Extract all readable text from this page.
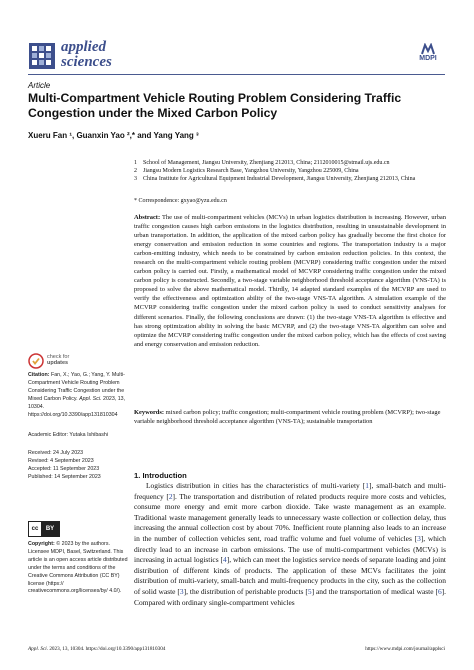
applied
sciences	MDPI
Article
Multi-Compartment Vehicle Routing Problem Considering Traffic Congestion under the Mixed Carbon Policy
Xueru Fan ¹, Guanxin Yao ²,* and Yang Yang ³
1 School of Management, Jiangsu University, Zhenjiang 212013, China; 2112010015@stmail.ujs.edu.cn
2 Jiangsu Modern Logistics Research Base, Yangzhou University, Yangzhou 225009, China
3 China Institute for Agricultural Equipment Industrial Development, Jiangsu University, Zhenjiang 212013, China
* Correspondence: gxyao@yzu.edu.cn
Abstract: The use of multi-compartment vehicles (MCVs) in urban logistics distribution is increasing. However, urban traffic congestion causes high carbon emissions in the logistics distribution, resulting in unsustainable development in urban transportation. In addition, the application of the mixed carbon policy has gradually become the first choice for energy conservation and emission reduction in some countries and regions. The transportation industry is a major carbon-emitting industry, which needs to be constrained by carbon emission reduction policies. In this context, the research on the multi-compartment vehicle routing problem (MCVRP) considering traffic congestion under the mixed carbon policy is carried out. Firstly, a mathematical model of MCVRP considering traffic congestion under the mixed carbon policy is constructed. Secondly, a two-stage variable neighborhood threshold acceptance algorithm (VNS-TA) is proposed to solve the above mathematical model. Thirdly, 14 adapted standard examples of the MCVRP are used to verify the effectiveness and optimization ability of the two-stage VNS-TA algorithm. A simulation example of the MCVRP considering traffic congestion under the mixed carbon policy is used to conduct sensitivity analyses for different scenarios. Finally, the following conclusions are drawn: (1) the two-stage VNS-TA algorithm is effective and has strong optimization ability in solving the basic MCVRP, and (2) the two-stage VNS-TA algorithm can solve and optimize the MCVRP considering traffic congestion under the mixed carbon policy, which has the effects of cost saving and energy conservation and emission reduction.
Keywords: mixed carbon policy; traffic congestion; multi-compartment vehicle routing problem (MCVRP); two-stage variable neighborhood threshold acceptance algorithm (VNS-TA); sustainable transportation
check for
updates
Citation: Fan, X.; Yao, G.; Yang, Y. Multi-Compartment Vehicle Routing Problem Considering Traffic Congestion under the Mixed Carbon Policy. Appl. Sci. 2023, 13, 10304. https://doi.org/10.3390/app131810304
Academic Editor: Yutaka Ishibashi
Received: 24 July 2023
Revised: 4 September 2023
Accepted: 11 September 2023
Published: 14 September 2023
cc	BY
Copyright: © 2023 by the authors. Licensee MDPI, Basel, Switzerland. This article is an open access article distributed under the terms and conditions of the Creative Commons Attribution (CC BY) license (https:// creativecommons.org/licenses/by/ 4.0/).
1. Introduction

Logistics distribution in cities has the characteristics of multi-variety [1], small-batch and multi-frequency [2]. The transportation and distribution of related products require more costs and vehicles, consume more energy and emit more carbon dioxide. Take waste management as an example. Traditional waste management generally leads to unnecessary waste collection or collection delay, thus increasing the annual collection cost by about 70%. Inefficient route planning also leads to an increase in the number of collection vehicles sent, road traffic volume and fuel volume of vehicles [3], which directly lead to an increase in carbon emissions. The use of multi-compartment vehicles (MCVs) is increasing in actual logistics [4], which can meet the logistics service needs of separate loading and joint distribution of different kinds of products. The application of these MCVs facilitates the joint distribution of multi-variety, small-batch and multi-frequency products in the city, such as the collection of solid waste [3], the distribution of perishable products [5] and the transportation of medical waste [6]. Compared with ordinary single-compartment vehicles

Appl. Sci. 2023, 13, 10304. https://doi.org/10.3390/app131810304	https://www.mdpi.com/journal/applsci
